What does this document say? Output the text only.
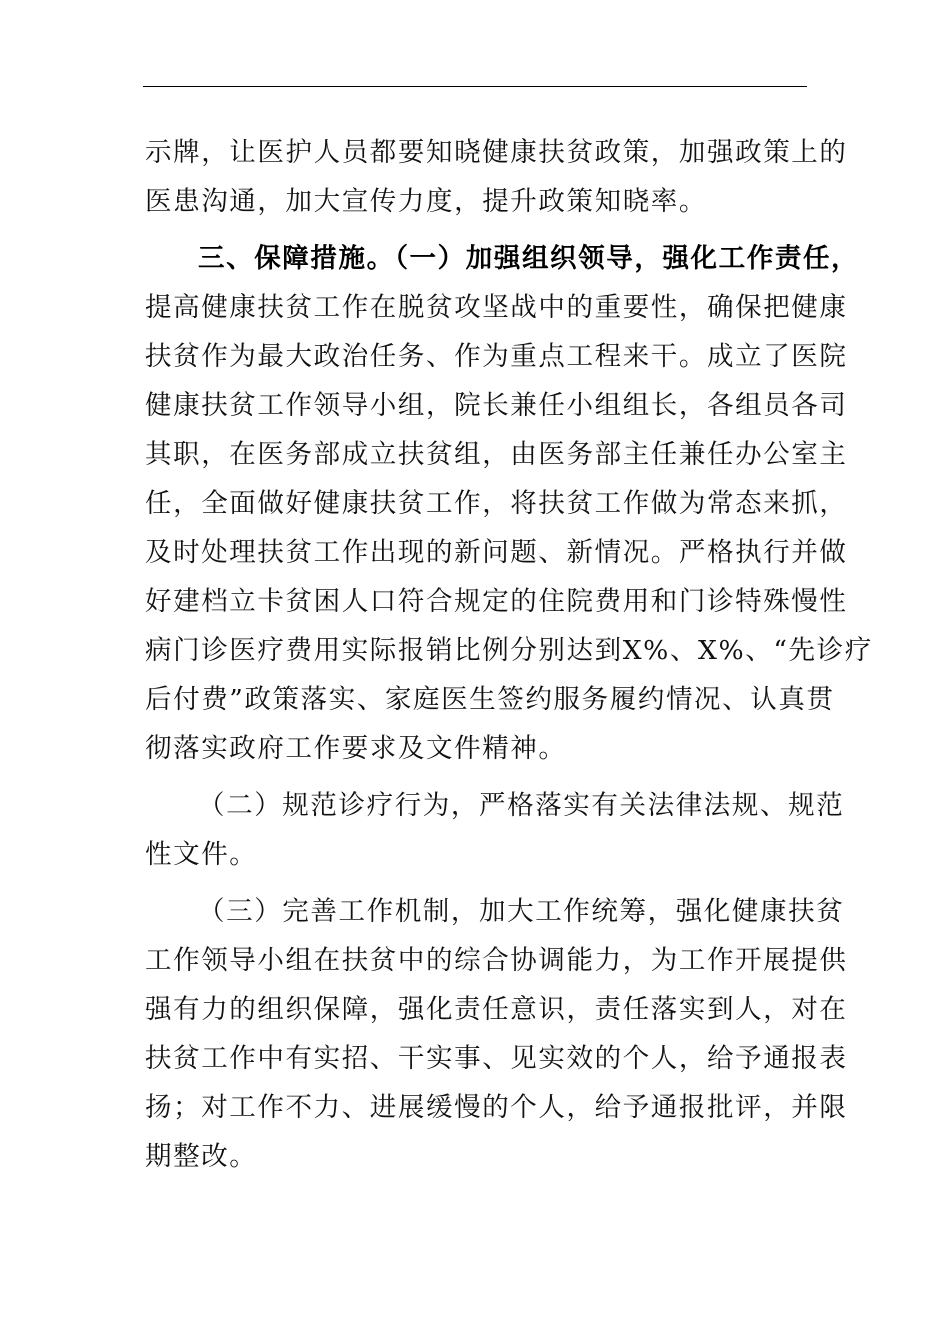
示牌，让医护人员都要知晓健康扶贫政策，加强政策上的
医患沟通，加大宣传力度，提升政策知晓率。

三、保障措施。（一）加强组织领导，强化工作责任，
提高健康扶贫工作在脱贫攻坚战中的重要性，确保把健康
扶贫作为最大政治任务、作为重点工程来干。成立了医院
健康扶贫工作领导小组，院长兼任小组组长，各组员各司
其职，在医务部成立扶贫组，由医务部主任兼任办公室主
任，全面做好健康扶贫工作，将扶贫工作做为常态来抓，
及时处理扶贫工作出现的新问题、新情况。严格执行并做
好建档立卡贫困人口符合规定的住院费用和门诊特殊慢性
病门诊医疗费用实际报销比例分别达到X%、X%、“先诊疗
后付费”政策落实、家庭医生签约服务履约情况、认真贯
彻落实政府工作要求及文件精神。

（二）规范诊疗行为，严格落实有关法律法规、规范
性文件。

（三）完善工作机制，加大工作统筹，强化健康扶贫
工作领导小组在扶贫中的综合协调能力，为工作开展提供
强有力的组织保障，强化责任意识，责任落实到人，对在
扶贫工作中有实招、干实事、见实效的个人，给予通报表
扬；对工作不力、进展缓慢的个人，给予通报批评，并限
期整改。
